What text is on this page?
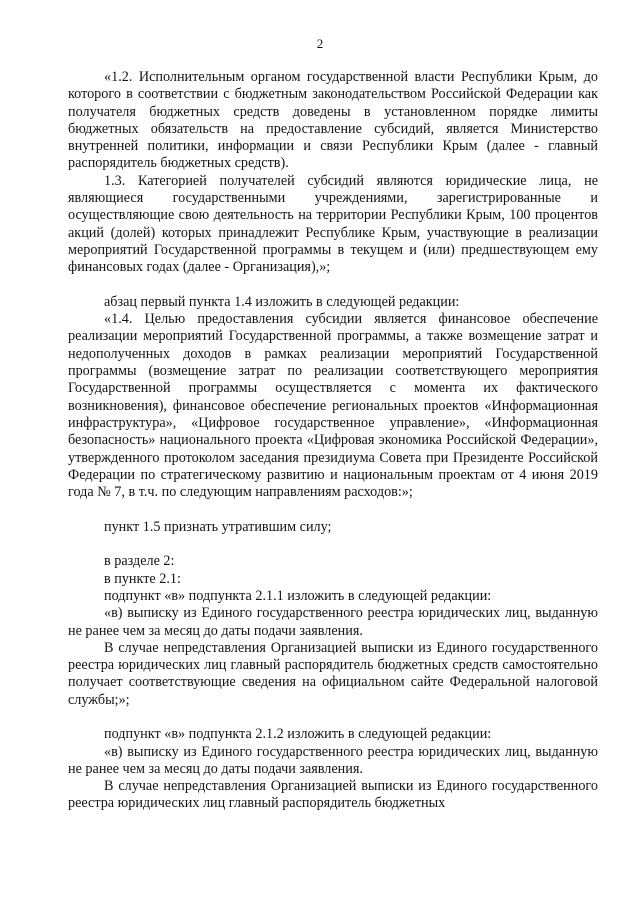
2

«1.2. Исполнительным органом государственной власти Республики Крым, до которого в соответствии с бюджетным законодательством Российской Федерации как получателя бюджетных средств доведены в установленном порядке лимиты бюджетных обязательств на предоставление субсидий, является Министерство внутренней политики, информации и связи Республики Крым (далее - главный распорядитель бюджетных средств).

1.3. Категорией получателей субсидий являются юридические лица, не являющиеся государственными учреждениями, зарегистрированные и осуществляющие свою деятельность на территории Республики Крым, 100 процентов акций (долей) которых принадлежит Республике Крым, участвующие в реализации мероприятий Государственной программы в текущем и (или) предшествующем ему финансовых годах (далее - Организация),»;

абзац первый пункта 1.4 изложить в следующей редакции:

«1.4. Целью предоставления субсидии является финансовое обеспечение реализации мероприятий Государственной программы, а также возмещение затрат и недополученных доходов в рамках реализации мероприятий Государственной программы (возмещение затрат по реализации соответствующего мероприятия Государственной программы осуществляется с момента их фактического возникновения), финансовое обеспечение региональных проектов «Информационная инфраструктура», «Цифровое государственное управление», «Информационная безопасность» национального проекта «Цифровая экономика Российской Федерации», утвержденного протоколом заседания президиума Совета при Президенте Российской Федерации по стратегическому развитию и национальным проектам от 4 июня 2019 года № 7, в т.ч. по следующим направлениям расходов:»;

пункт 1.5 признать утратившим силу;

в разделе 2:

в пункте 2.1:

подпункт «в» подпункта 2.1.1 изложить в следующей редакции:

«в) выписку из Единого государственного реестра юридических лиц, выданную не ранее чем за месяц до даты подачи заявления.

В случае непредставления Организацией выписки из Единого государственного реестра юридических лиц главный распорядитель бюджетных средств самостоятельно получает соответствующие сведения на официальном сайте Федеральной налоговой службы;»;

подпункт «в» подпункта 2.1.2 изложить в следующей редакции:

«в) выписку из Единого государственного реестра юридических лиц, выданную не ранее чем за месяц до даты подачи заявления.

В случае непредставления Организацией выписки из Единого государственного реестра юридических лиц главный распорядитель бюджетных
